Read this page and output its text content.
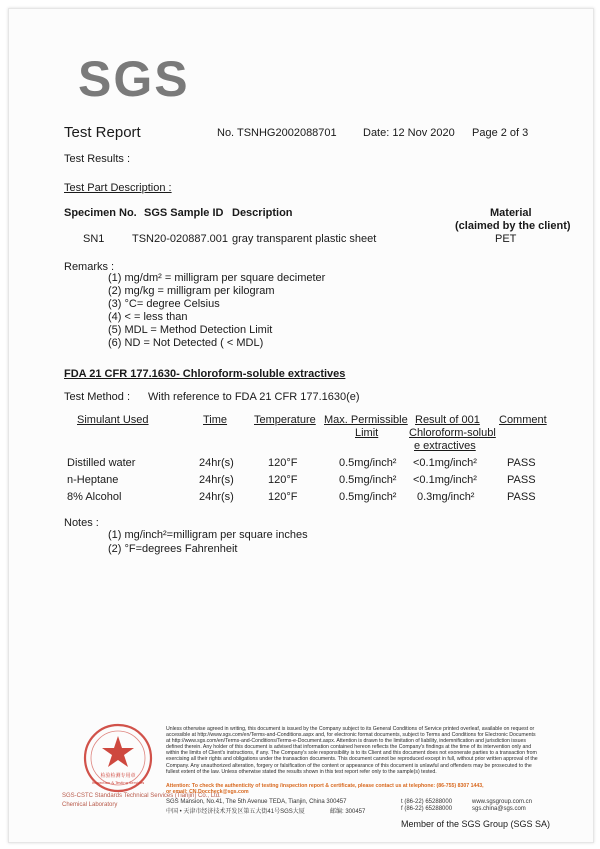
SGS
Test Report	No. TSNHG2002088701 Date: 12 Nov 2020 Page 2 of 3
Test Results :
Test Part Description :
Specimen No. SGS Sample ID Description	Material
(claimed by the client)
SN1	TSN20-020887.001 gray transparent plastic sheet	PET
Remarks :
(1) mg/dm² = milligram per square decimeter
(2) mg/kg = milligram per kilogram
(3) °C= degree Celsius
(4) < = less than
(5) MDL = Method Detection Limit
(6) ND = Not Detected ( < MDL)
FDA 21 CFR 177.1630- Chloroform-soluble extractives
Test Method : With reference to FDA 21 CFR 177.1630(e)
Simulant Used	Time Temperature Max. Permissible
Limit
Result of 001
Chloroform-solubl
e extractives
Comment
Distilled water	24hr(s)	120°F	0.5mg/inch² <0.1mg/inch²	PASS
n-Heptane	24hr(s)	120°F	0.5mg/inch² <0.1mg/inch²	PASS
8% Alcohol	24hr(s)	120°F	0.5mg/inch² 0.3mg/inch²	PASS
Notes :
(1) mg/inch²=milligram per square inches
(2) °F=degrees Fahrenheit
检验检测专用章
Inspection & Testing Services
SGS-CSTC Standards Technical Services (Tianjin) Co., Ltd.
Chemical Laboratory
Unless otherwise agreed in writing, this document is issued by the Company subject to its General Conditions of Service printed overleaf, available on request or accessible at http://www.sgs.com/en/Terms-and-Conditions.aspx and, for electronic format documents, subject to Terms and Conditions for Electronic Documents at http://www.sgs.com/en/Terms-and-Conditions/Terms-e-Document.aspx. Attention is drawn to the limitation of liability, indemnification and jurisdiction issues defined therein. Any holder of this document is advised that information contained hereon reflects the Company's findings at the time of its intervention only and within the limits of Client's instructions, if any. The Company's sole responsibility is to its Client and this document does not exonerate parties to a transaction from exercising all their rights and obligations under the transaction documents. This document cannot be reproduced except in full, without prior written approval of the Company. Any unauthorized alteration, forgery or falsification of the content or appearance of this document is unlawful and offenders may be prosecuted to the fullest extent of the law. Unless otherwise stated the results shown in this test report refer only to the sample(s) tested.
Attention: To check the authenticity of testing /inspection report & certificate, please contact us at telephone: (86-755) 8307 1443,
or email: CN.Doccheck@sgs.com
SGS Mansion, No.41, The 5th Avenue TEDA, Tianjin, China 300457
中国 • 天津市经济技术开发区第五大街41号SGS大厦	邮编: 300457
t (86-22) 65288000
f (86-22) 65288000
www.sgsgroup.com.cn
sgs.china@sgs.com
Member of the SGS Group (SGS SA)
